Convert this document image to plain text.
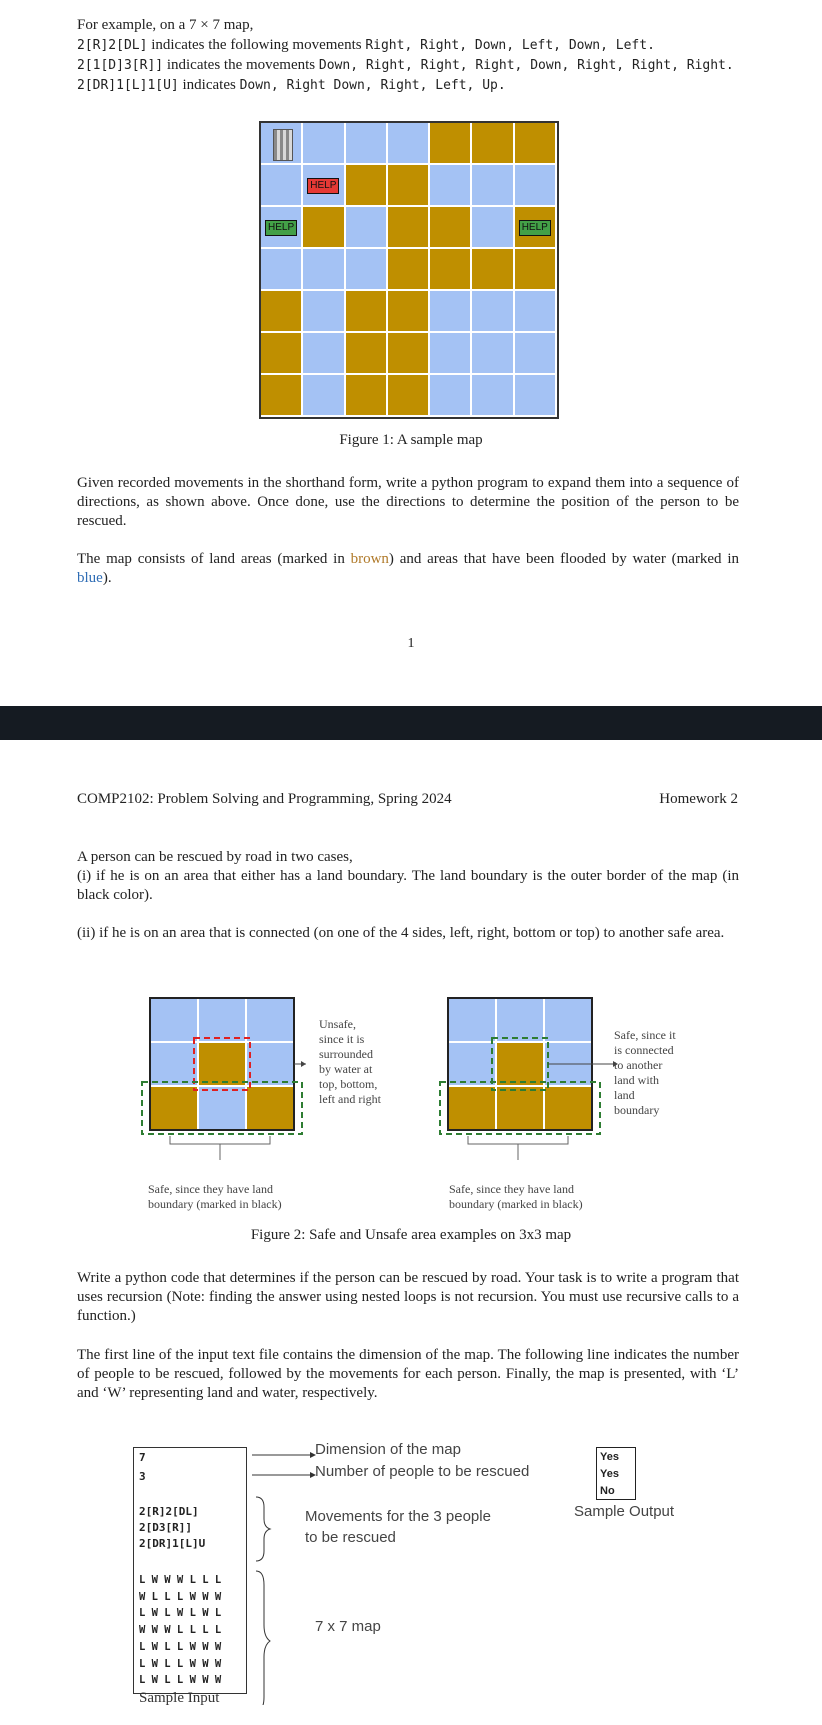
For example, on a 7 × 7 map,
2[R]2[DL] indicates the following movements Right, Right, Down, Left, Down, Left.
2[1[D]3[R]] indicates the movements Down, Right, Right, Right, Down, Right, Right, Right.
2[DR]1[L]1[U] indicates Down, Right Down, Right, Left, Up.
HELP
HELP	HELP
Figure 1: A sample map
Given recorded movements in the shorthand form, write a python program to expand them into a sequence of directions, as shown above. Once done, use the directions to determine the position of the person to be rescued.
The map consists of land areas (marked in brown) and areas that have been flooded by water (marked in blue).
1
COMP2102: Problem Solving and Programming, Spring 2024	Homework 2
A person can be rescued by road in two cases,
(i) if he is on an area that either has a land boundary. The land boundary is the outer border of the map (in black color).
(ii) if he is on an area that is connected (on one of the 4 sides, left, right, bottom or top) to another safe area.
Unsafe,
since it is
surrounded
by water at
top, bottom,
left and right
Safe, since it
is connected
to another
land with
land
boundary
Safe, since they have land
boundary (marked in black)
Safe, since they have land
boundary (marked in black)
Figure 2: Safe and Unsafe area examples on 3x3 map
Write a python code that determines if the person can be rescued by road. Your task is to write a program that uses recursion (Note: finding the answer using nested loops is not recursion. You must use recursive calls to a function.)
The first line of the input text file contains the dimension of the map. The following line indicates the number of people to be rescued, followed by the movements for each person. Finally, the map is presented, with ‘L’ and ‘W’ representing land and water, respectively.
7
3
2[R]2[DL]
2[D3[R]]
2[DR]1[L]U
L W W W L L L
W L L L W W W
L W L W L W L
W W W L L L L
L W L L W W W
L W L L W W W
L W L L W W W
Sample Input
Dimension of the map
Number of people to be rescued
Movements for the 3 people
to be rescued
7 x 7 map
Yes
Yes
No
Sample Output
